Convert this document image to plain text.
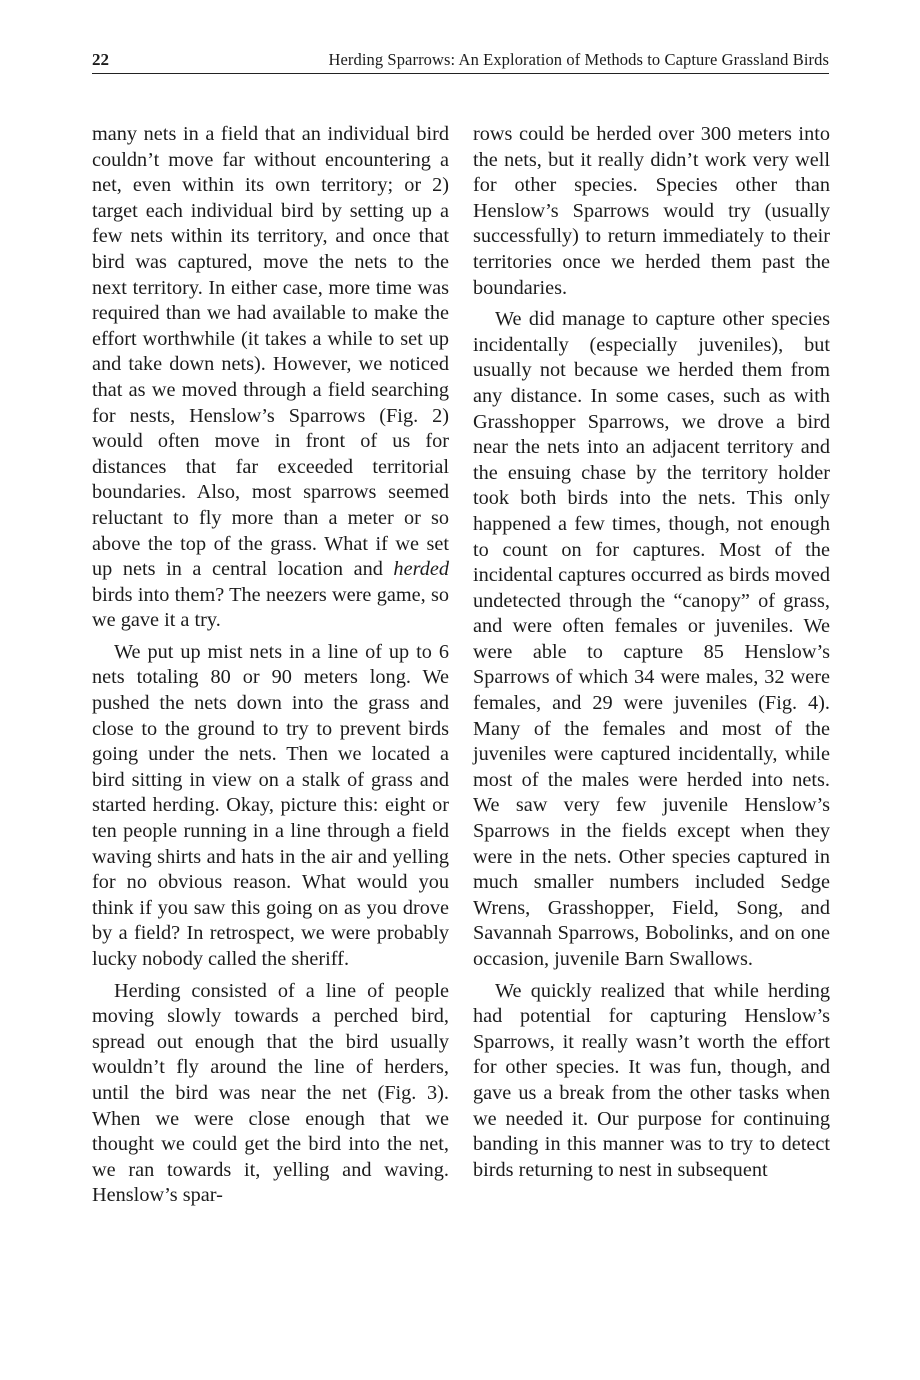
22	Herding Sparrows: An Exploration of Methods to Capture Grassland Birds

many nets in a field that an individual bird couldn’t move far without encountering a net, even within its own territory; or 2) target each individual bird by setting up a few nets within its territory, and once that bird was captured, move the nets to the next territory. In either case, more time was required than we had available to make the effort worthwhile (it takes a while to set up and take down nets). However, we noticed that as we moved through a field searching for nests, Henslow’s Sparrows (Fig. 2) would often move in front of us for distances that far exceeded territorial boundaries. Also, most sparrows seemed reluctant to fly more than a meter or so above the top of the grass. What if we set up nets in a central location and herded birds into them? The neezers were game, so we gave it a try.

We put up mist nets in a line of up to 6 nets totaling 80 or 90 meters long. We pushed the nets down into the grass and close to the ground to try to prevent birds going under the nets. Then we located a bird sitting in view on a stalk of grass and started herding. Okay, picture this: eight or ten people running in a line through a field waving shirts and hats in the air and yelling for no obvious reason. What would you think if you saw this going on as you drove by a field? In retrospect, we were probably lucky nobody called the sheriff.

Herding consisted of a line of people moving slowly towards a perched bird, spread out enough that the bird usually wouldn’t fly around the line of herders, until the bird was near the net (Fig. 3). When we were close enough that we thought we could get the bird into the net, we ran towards it, yelling and waving. Henslow’s spar-

rows could be herded over 300 meters into the nets, but it really didn’t work very well for other species. Species other than Henslow’s Sparrows would try (usually successfully) to return immediately to their territories once we herded them past the boundaries.

We did manage to capture other species incidentally (especially juveniles), but usually not because we herded them from any distance. In some cases, such as with Grasshopper Sparrows, we drove a bird near the nets into an adjacent territory and the ensuing chase by the territory holder took both birds into the nets. This only happened a few times, though, not enough to count on for captures. Most of the incidental captures occurred as birds moved undetected through the “canopy” of grass, and were often females or juveniles. We were able to capture 85 Henslow’s Sparrows of which 34 were males, 32 were females, and 29 were juveniles (Fig. 4). Many of the females and most of the juveniles were captured incidentally, while most of the males were herded into nets. We saw very few juvenile Henslow’s Sparrows in the fields except when they were in the nets. Other species captured in much smaller numbers included Sedge Wrens, Grasshopper, Field, Song, and Savannah Sparrows, Bobolinks, and on one occasion, juvenile Barn Swallows.

We quickly realized that while herding had potential for capturing Henslow’s Sparrows, it really wasn’t worth the effort for other species. It was fun, though, and gave us a break from the other tasks when we needed it. Our purpose for continuing banding in this manner was to try to detect birds returning to nest in subsequent
